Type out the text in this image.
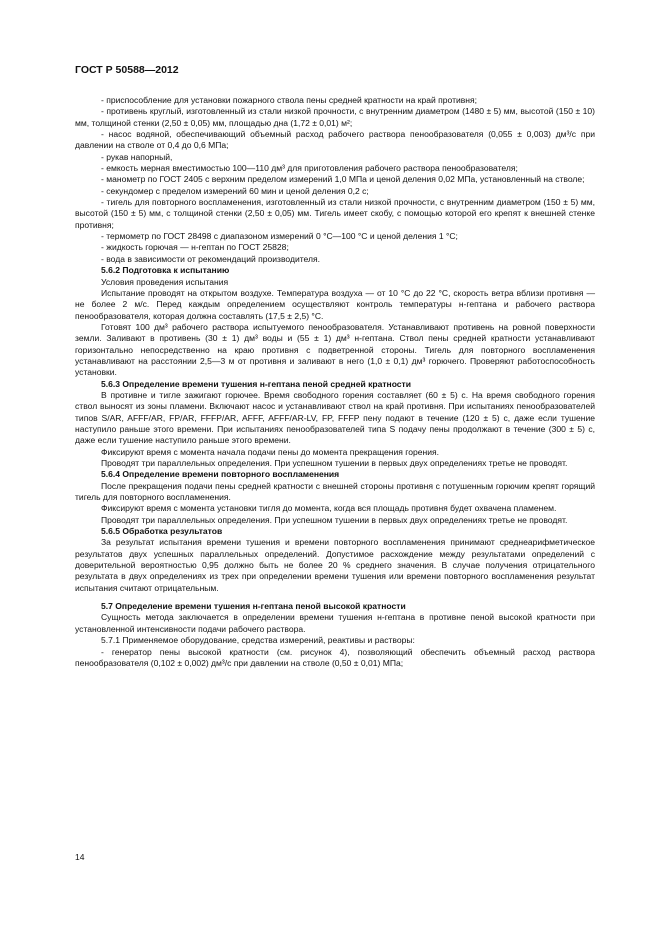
ГОСТ Р 50588—2012

- приспособление для установки пожарного ствола пены средней кратности на край противня;

- противень круглый, изготовленный из стали низкой прочности, с внутренним диаметром (1480 ± 5) мм, высотой (150 ± 10) мм, толщиной стенки (2,50 ± 0,05) мм, площадью дна (1,72 ± 0,01) м²;

- насос водяной, обеспечивающий объемный расход рабочего раствора пенообразователя (0,055 ± 0,003) дм³/с при давлении на стволе от 0,4 до 0,6 МПа;

- рукав напорный,

- емкость мерная вместимостью 100—110 дм³ для приготовления рабочего раствора пенообразователя;

- манометр по ГОСТ 2405 с верхним пределом измерений 1,0 МПа и ценой деления 0,02 МПа, установленный на стволе;

- секундомер с пределом измерений 60 мин и ценой деления 0,2 с;

- тигель для повторного воспламенения, изготовленный из стали низкой прочности, с внутренним диаметром (150 ± 5) мм, высотой (150 ± 5) мм, с толщиной стенки (2,50 ± 0,05) мм. Тигель имеет скобу, с помощью которой его крепят к внешней стенке противня;

- термометр по ГОСТ 28498 с диапазоном измерений 0 °С—100 °С и ценой деления 1 °С;

- жидкость горючая — н-гептан по ГОСТ 25828;

- вода в зависимости от рекомендаций производителя.

5.6.2 Подготовка к испытанию

Условия проведения испытания

Испытание проводят на открытом воздухе. Температура воздуха — от 10 °С до 22 °С, скорость ветра вблизи противня — не более 2 м/с. Перед каждым определением осуществляют контроль температуры н-гептана и рабочего раствора пенообразователя, которая должна составлять (17,5 ± 2,5) °С.

Готовят 100 дм³ рабочего раствора испытуемого пенообразователя. Устанавливают противень на ровной поверхности земли. Заливают в противень (30 ± 1) дм³ воды и (55 ± 1) дм³ н-гептана. Ствол пены средней кратности устанавливают горизонтально непосредственно на краю противня с подветренной стороны. Тигель для повторного воспламенения устанавливают на расстоянии 2,5—3 м от противня и заливают в него (1,0 ± 0,1) дм³ горючего. Проверяют работоспособность установки.

5.6.3 Определение времени тушения н-гептана пеной средней кратности

В противне и тигле зажигают горючее. Время свободного горения составляет (60 ± 5) с. На время свободного горения ствол выносят из зоны пламени. Включают насос и устанавливают ствол на край противня. При испытаниях пенообразователей типов S/AR, AFFF/AR, FP/AR, FFFP/AR, AFFF, AFFF/AR-LV, FP, FFFP пену подают в течение (120 ± 5) с, даже если тушение наступило раньше этого времени. При испытаниях пенообразователей типа S подачу пены продолжают в течение (300 ± 5) с, даже если тушение наступило раньше этого времени.

Фиксируют время с момента начала подачи пены до момента прекращения горения.

Проводят три параллельных определения. При успешном тушении в первых двух определениях третье не проводят.

5.6.4 Определение времени повторного воспламенения

После прекращения подачи пены средней кратности с внешней стороны противня с потушенным горючим крепят горящий тигель для повторного воспламенения.

Фиксируют время с момента установки тигля до момента, когда вся площадь противня будет охвачена пламенем.

Проводят три параллельных определения. При успешном тушении в первых двух определениях третье не проводят.

5.6.5 Обработка результатов

За результат испытания времени тушения и времени повторного воспламенения принимают среднеарифметическое результатов двух успешных параллельных определений. Допустимое расхождение между результатами определений с доверительной вероятностью 0,95 должно быть не более 20 % среднего значения. В случае получения отрицательного результата в двух определениях из трех при определении времени тушения или времени повторного воспламенения результат испытания считают отрицательным.

5.7 Определение времени тушения н-гептана пеной высокой кратности

Сущность метода заключается в определении времени тушения н-гептана в противне пеной высокой кратности при установленной интенсивности подачи рабочего раствора.

5.7.1 Применяемое оборудование, средства измерений, реактивы и растворы:

- генератор пены высокой кратности (см. рисунок 4), позволяющий обеспечить объемный расход раствора пенообразователя (0,102 ± 0,002) дм³/с при давлении на стволе (0,50 ± 0,01) МПа;

14
